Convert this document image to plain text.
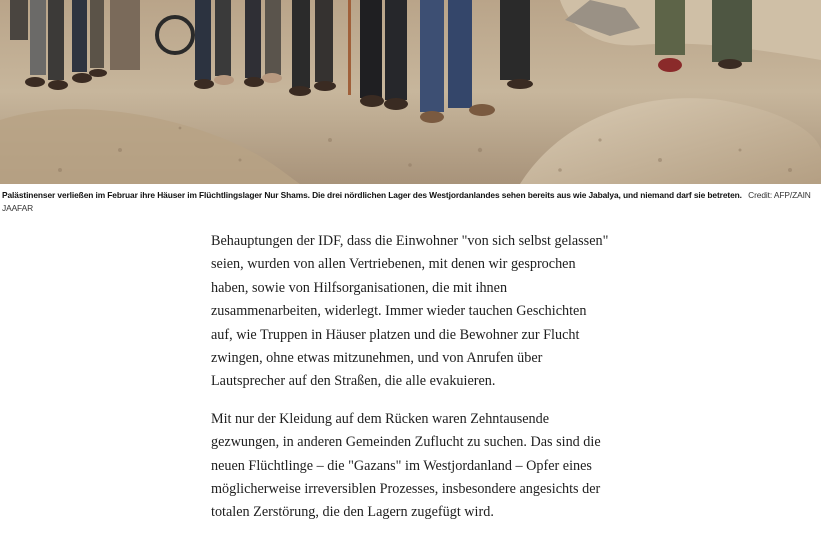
Palästinenser verließen im Februar ihre Häuser im Flüchtlingslager Nur Shams. Die drei nördlichen Lager des Westjordanlandes sehen bereits aus wie Jabalya, und niemand darf sie betreten. Credit: AFP/ZAIN JAAFAR

Behauptungen der IDF, dass die Einwohner "von sich selbst gelassen" seien, wurden von allen Vertriebenen, mit denen wir gesprochen haben, sowie von Hilfsorganisationen, die mit ihnen zusammenarbeiten, widerlegt. Immer wieder tauchen Geschichten auf, wie Truppen in Häuser platzen und die Bewohner zur Flucht zwingen, ohne etwas mitzunehmen, und von Anrufen über Lautsprecher auf den Straßen, die alle evakuieren.

Mit nur der Kleidung auf dem Rücken waren Zehntausende gezwungen, in anderen Gemeinden Zuflucht zu suchen. Das sind die neuen Flüchtlinge – die "Gazans" im Westjordanland – Opfer eines möglicherweise irreversiblen Prozesses, insbesondere angesichts der totalen Zerstörung, die den Lagern zugefügt wird.
